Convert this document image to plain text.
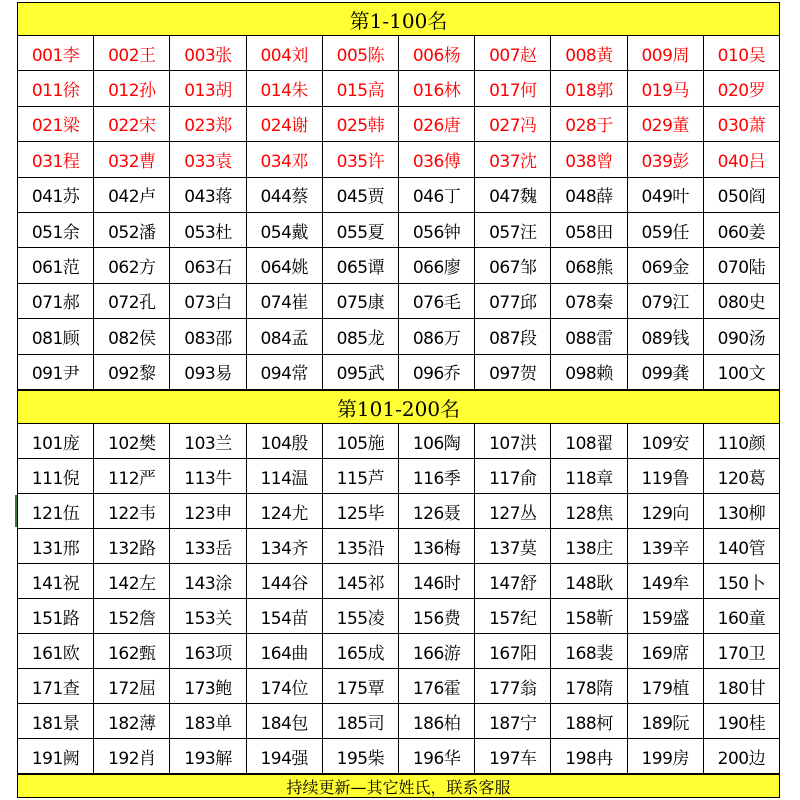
第1-100名
001李	002王	003张	004刘	005陈	006杨	007赵	008黄	009周	010吴
011徐	012孙	013胡	014朱	015高	016林	017何	018郭	019马	020罗
021梁	022宋	023郑	024谢	025韩	026唐	027冯	028于	029董	030萧
031程	032曹	033袁	034邓	035许	036傅	037沈	038曾	039彭	040吕
041苏	042卢	043蒋	044蔡	045贾	046丁	047魏	048薛	049叶	050阎
051余	052潘	053杜	054戴	055夏	056钟	057汪	058田	059任	060姜
061范	062方	063石	064姚	065谭	066廖	067邹	068熊	069金	070陆
071郝	072孔	073白	074崔	075康	076毛	077邱	078秦	079江	080史
081顾	082侯	083邵	084孟	085龙	086万	087段	088雷	089钱	090汤
091尹	092黎	093易	094常	095武	096乔	097贺	098赖	099龚	100文
第101-200名
101庞	102樊	103兰	104殷	105施	106陶	107洪	108翟	109安	110颜
111倪	112严	113牛	114温	115芦	116季	117俞	118章	119鲁	120葛
121伍	122韦	123申	124尤	125毕	126聂	127丛	128焦	129向	130柳
131邢	132路	133岳	134齐	135沿	136梅	137莫	138庄	139辛	140管
141祝	142左	143涂	144谷	145祁	146时	147舒	148耿	149牟	150卜
151路	152詹	153关	154苗	155凌	156费	157纪	158靳	159盛	160童
161欧	162甄	163项	164曲	165成	166游	167阳	168裴	169席	170卫
171查	172屈	173鲍	174位	175覃	176霍	177翁	178隋	179植	180甘
181景	182薄	183单	184包	185司	186柏	187宁	188柯	189阮	190桂
191阙	192肖	193解	194强	195柴	196华	197车	198冉	199房	200边
持续更新—其它姓氏，联系客服
